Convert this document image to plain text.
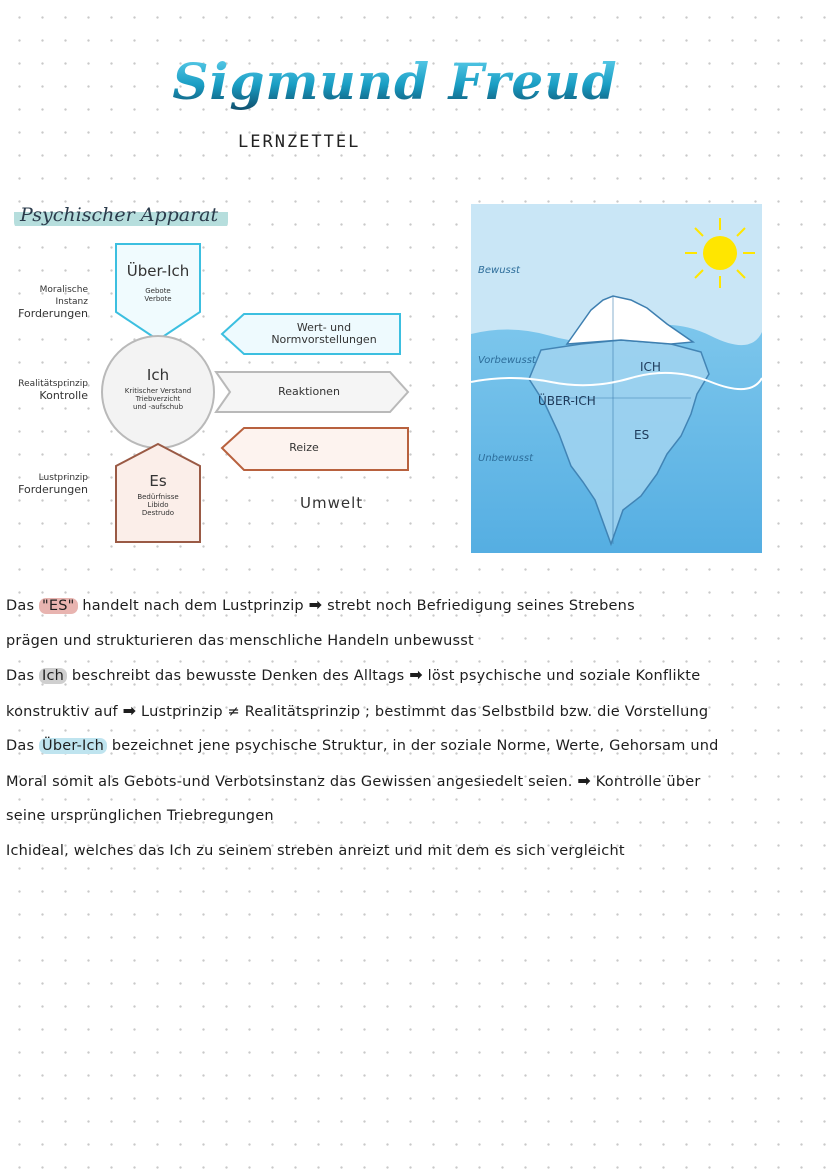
Sigmund Freud
LERNZETTEL
Psychischer Apparat
Moralische Instanz
Forderungen
Realitätsprinzip
Kontrolle
Lustprinzip
Forderungen
Über-Ich
Gebote
Verbote
Ich
Kritischer Verstand
Triebverzicht
und -aufschub
Es
Bedürfnisse
Libido
Destrudo
Wert- und
Normvorstellungen
Reaktionen
Reize
Umwelt
Bewusst
Vorbewusst
Unbewusst
ICH
ÜBER-ICH
ES
Das "ES" handelt nach dem Lustprinzip ➡ strebt noch Befriedigung seines Strebens
prägen und strukturieren das menschliche Handeln unbewusst
Das Ich beschreibt das bewusste Denken des Alltags ➡ löst psychische und soziale Konflikte
konstruktiv auf ➡ Lustprinzip ≠ Realitätsprinzip ; bestimmt das Selbstbild bzw. die Vorstellung
Das Über-Ich bezeichnet jene psychische Struktur, in der soziale Norme, Werte, Gehorsam und
Moral somit als Gebots-und Verbotsinstanz das Gewissen angesiedelt seien. ➡ Kontrolle über
seine ursprünglichen Triebregungen
Ichideal, welches das Ich zu seinem streben anreizt und mit dem es sich vergleicht
